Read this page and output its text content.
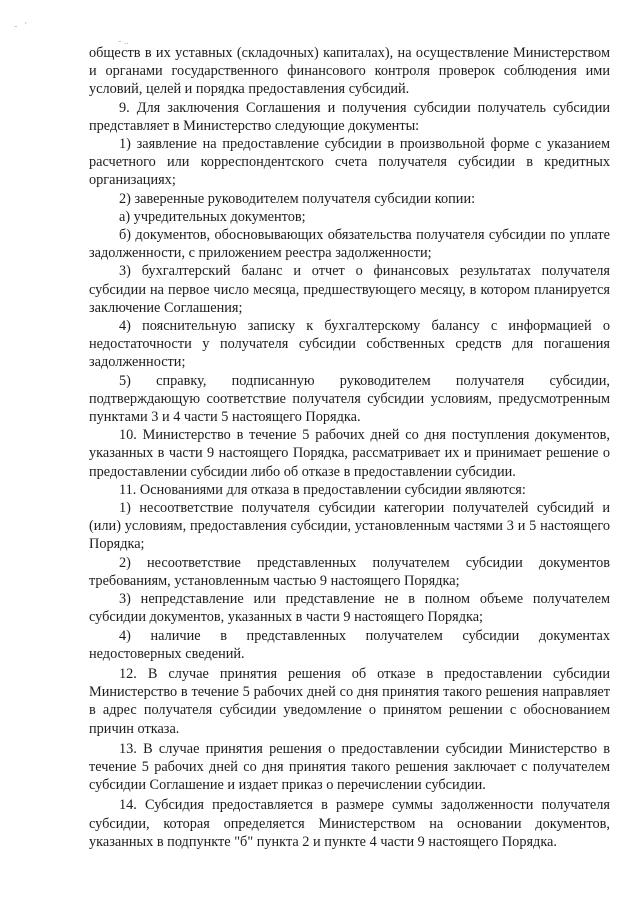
-   '
- ..

обществ в их уставных (складочных) капиталах), на осуществление Министерством и органами государственного финансового контроля проверок соблюдения ими условий, целей и порядка предоставления субсидий.

9. Для заключения Соглашения и получения субсидии получатель субсидии представляет в Министерство следующие документы:

1) заявление на предоставление субсидии в произвольной форме с указанием расчетного или корреспондентского счета получателя субсидии в кредитных организациях;

2) заверенные руководителем получателя субсидии копии:

а) учредительных документов;

б) документов, обосновывающих обязательства получателя субсидии по уплате задолженности, с приложением реестра задолженности;

3) бухгалтерский баланс и отчет о финансовых результатах получателя субсидии на первое число месяца, предшествующего месяцу, в котором планируется заключение Соглашения;

4) пояснительную записку к бухгалтерскому балансу с информацией о недостаточности у получателя субсидии собственных средств для погашения задолженности;

5) справку, подписанную руководителем получателя субсидии, подтверждающую соответствие получателя субсидии условиям, предусмотренным пунктами 3 и 4 части 5 настоящего Порядка.

10. Министерство в течение 5 рабочих дней со дня поступления документов, указанных в части 9 настоящего Порядка, рассматривает их и принимает решение о предоставлении субсидии либо об отказе в предоставлении субсидии.

11. Основаниями для отказа в предоставлении субсидии являются:

1) несоответствие получателя субсидии категории получателей субсидий и (или) условиям, предоставления субсидии, установленным частями 3 и 5 настоящего Порядка;

2) несоответствие представленных получателем субсидии документов требованиям, установленным частью 9 настоящего Порядка;

3) непредставление или представление не в полном объеме получателем субсидии документов, указанных в части 9 настоящего Порядка;

4) наличие в представленных получателем субсидии документах недостоверных сведений.

12. В случае принятия решения об отказе в предоставлении субсидии Министерство в течение 5 рабочих дней со дня принятия такого решения направляет в адрес получателя субсидии уведомление о принятом решении с обоснованием причин отказа.

13. В случае принятия решения о предоставлении субсидии Министерство в течение 5 рабочих дней со дня принятия такого решения заключает с получателем субсидии Соглашение и издает приказ о перечислении субсидии.

14. Субсидия предоставляется в размере суммы задолженности получателя субсидии, которая определяется Министерством на основании документов, указанных в подпункте "б" пункта 2 и пункте 4 части 9 настоящего Порядка.
